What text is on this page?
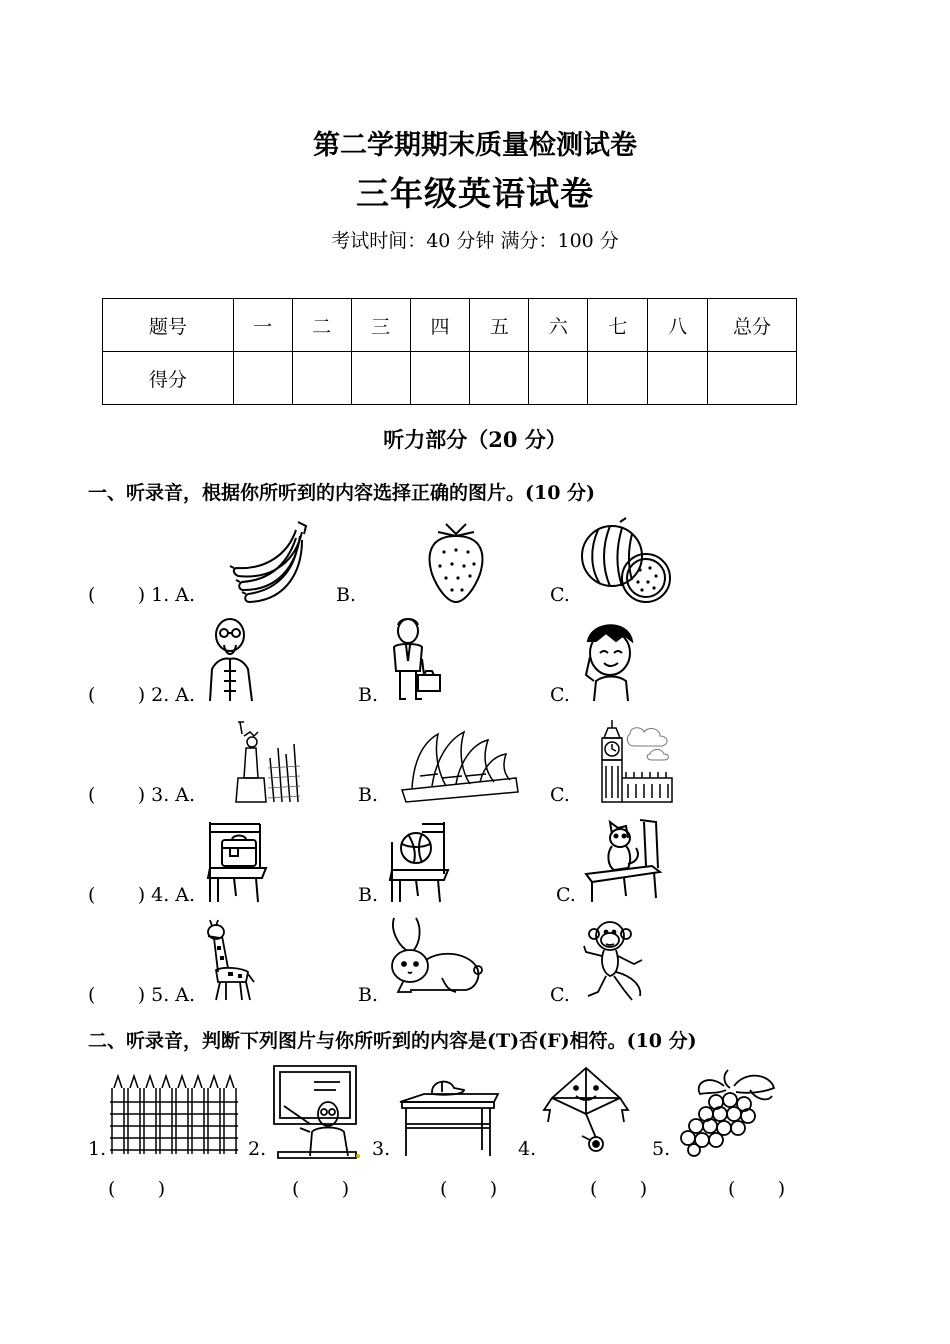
第二学期期末质量检测试卷
三年级英语试卷
考试时间：40 分钟 满分：100 分
题号	一	二	三	四	五	六	七	八	总分
得分									
听力部分（20 分）
一、听录音，根据你所听到的内容选择正确的图片。(10 分)
(       ) 1. A.	B.	C.
(       ) 2. A.	B.	C.
(       ) 3. A.	B.	C.
(       ) 4. A.	B.	C.
(       ) 5. A.	B.	C.
二、听录音，判断下列图片与你所听到的内容是(T)否(F)相符。(10 分)
1.	2.	3.	4.	5.
(       )	(       )	(       )	(       )	(       )
